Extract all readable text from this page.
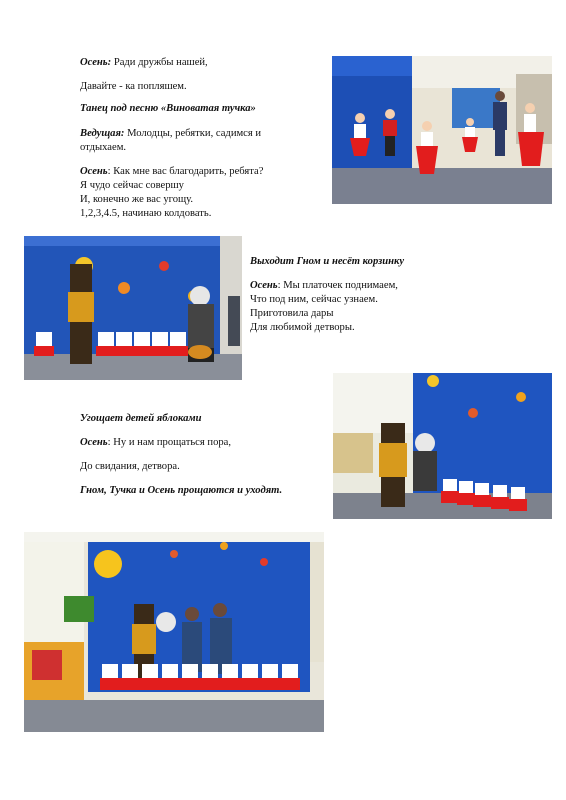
Осень: Ради дружбы нашей,

Давайте - ка попляшем.

Танец под песню «Виноватая тучка»

Ведущая: Молодцы, ребятки, садимся и

отдыхаем.

Осень: Как мне вас благодарить, ребята?

Я чудо сейчас совершу

И, конечно же вас угощу.

1,2,3,4.5, начинаю колдовать.

Выходит Гном и несёт корзинку

Осень: Мы платочек поднимаем,

Что под ним, сейчас узнаем.

Приготовила дары

Для любимой детворы.

Угощает детей яблоками

Осень: Ну и нам прощаться пора,

До свидания, детвора.

Гном, Тучка и Осень прощаются и уходят.
